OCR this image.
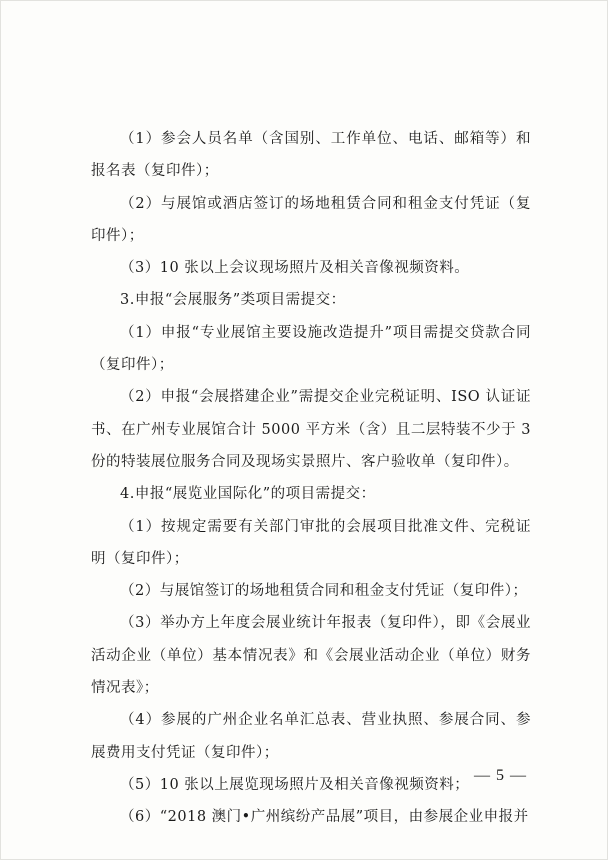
（1）参会人员名单（含国别、工作单位、电话、邮箱等）和报名表（复印件）；

（2）与展馆或酒店签订的场地租赁合同和租金支付凭证（复印件）；

（3）10 张以上会议现场照片及相关音像视频资料。

3.申报“会展服务”类项目需提交：

（1）申报“专业展馆主要设施改造提升”项目需提交贷款合同（复印件）；

（2）申报“会展搭建企业”需提交企业完税证明、ISO 认证证书、在广州专业展馆合计 5000 平方米（含）且二层特装不少于 3 份的特装展位服务合同及现场实景照片、客户验收单（复印件）。

4.申报“展览业国际化”的项目需提交：

（1）按规定需要有关部门审批的会展项目批准文件、完税证明（复印件）；

（2）与展馆签订的场地租赁合同和租金支付凭证（复印件）；

（3）举办方上年度会展业统计年报表（复印件），即《会展业活动企业（单位）基本情况表》和《会展业活动企业（单位）财务情况表》；

（4）参展的广州企业名单汇总表、营业执照、参展合同、参展费用支付凭证（复印件）；

（5）10 张以上展览现场照片及相关音像视频资料；

（6）“2018 澳门•广州缤纷产品展”项目，由参展企业申报并

— 5 —
